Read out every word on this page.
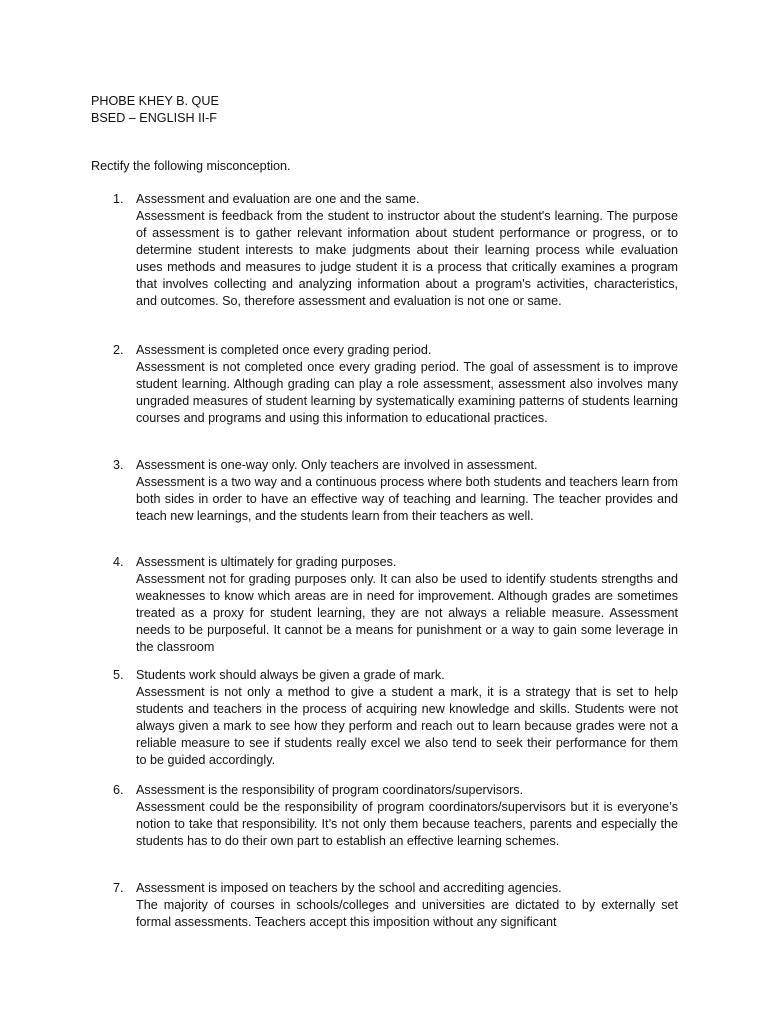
PHOBE KHEY B. QUE
BSED – ENGLISH II-F
Rectify the following misconception.
1. Assessment and evaluation are one and the same.
Assessment is feedback from the student to instructor about the student's learning. The purpose of assessment is to gather relevant information about student performance or progress, or to determine student interests to make judgments about their learning process while evaluation uses methods and measures to judge student it is a process that critically examines a program that involves collecting and analyzing information about a program's activities, characteristics, and outcomes. So, therefore assessment and evaluation is not one or same.
2. Assessment is completed once every grading period.
Assessment is not completed once every grading period. The goal of assessment is to improve student learning. Although grading can play a role assessment, assessment also involves many ungraded measures of student learning by systematically examining patterns of students learning courses and programs and using this information to educational practices.
3. Assessment is one-way only. Only teachers are involved in assessment.
Assessment is a two way and a continuous process where both students and teachers learn from both sides in order to have an effective way of teaching and learning. The teacher provides and teach new learnings, and the students learn from their teachers as well.
4. Assessment is ultimately for grading purposes.
Assessment not for grading purposes only. It can also be used to identify students strengths and weaknesses to know which areas are in need for improvement. Although grades are sometimes treated as a proxy for student learning, they are not always a reliable measure. Assessment needs to be purposeful. It cannot be a means for punishment or a way to gain some leverage in the classroom
5. Students work should always be given a grade of mark.
Assessment is not only a method to give a student a mark, it is a strategy that is set to help students and teachers in the process of acquiring new knowledge and skills. Students were not always given a mark to see how they perform and reach out to learn because grades were not a reliable measure to see if students really excel we also tend to seek their performance for them to be guided accordingly.
6. Assessment is the responsibility of program coordinators/supervisors.
Assessment could be the responsibility of program coordinators/supervisors but it is everyone’s notion to take that responsibility. It’s not only them because teachers, parents and especially the students has to do their own part to establish an effective learning schemes.
7. Assessment is imposed on teachers by the school and accrediting agencies.
The majority of courses in schools/colleges and universities are dictated to by externally set formal assessments. Teachers accept this imposition without any significant
